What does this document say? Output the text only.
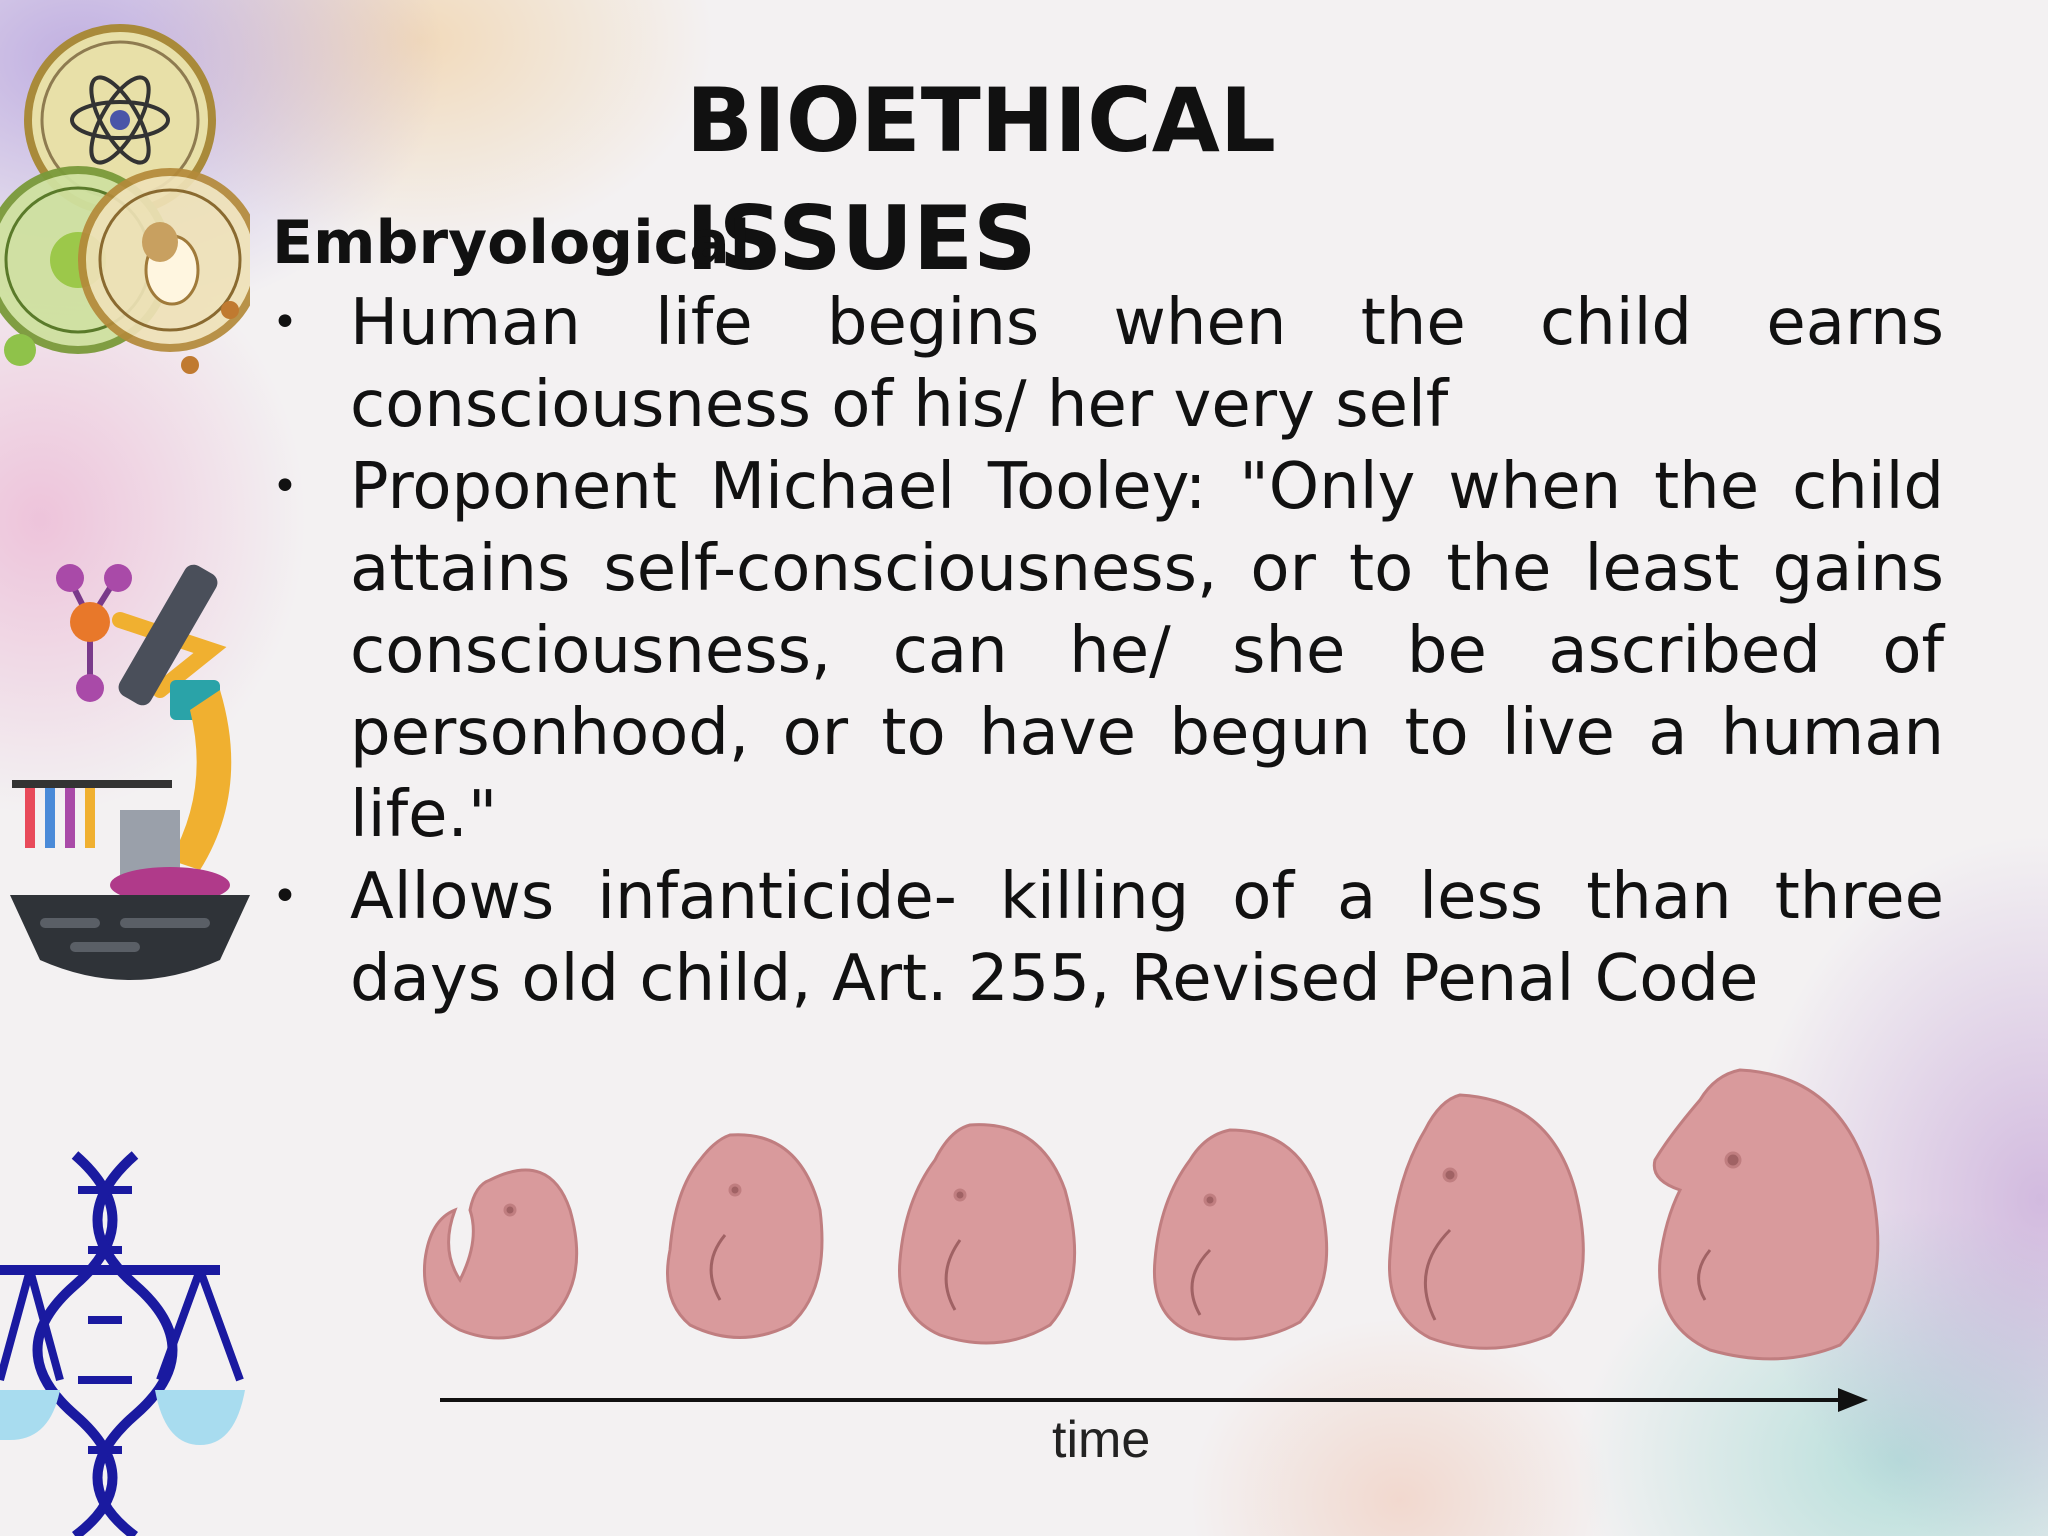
BIOETHICAL ISSUES
Embryological
• Human life begins when the child earns consciousness of his/ her very self
• Proponent Michael Tooley: "Only when the child attains self-consciousness, or to the least gains consciousness, can he/ she be ascribed of personhood, or to have begun to live a human life."
• Allows infanticide- killing of a less than three days old child, Art. 255, Revised Penal Code
time
